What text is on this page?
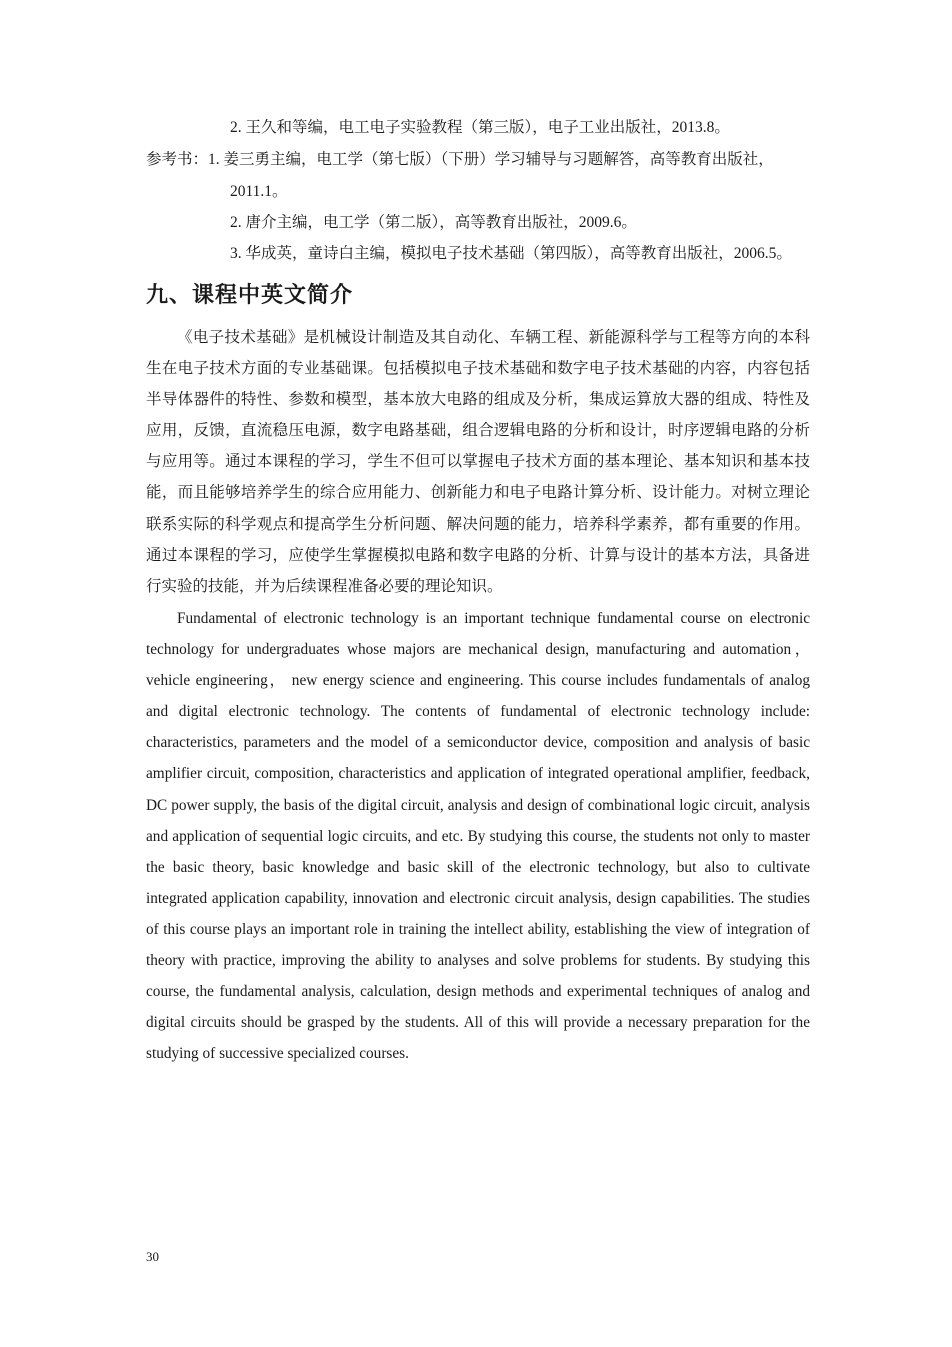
2. 王久和等编，电工电子实验教程（第三版），电子工业出版社，2013.8。
参考书：1. 姜三勇主编，电工学（第七版）（下册）学习辅导与习题解答，高等教育出版社，
2011.1。
2. 唐介主编，电工学（第二版），高等教育出版社，2009.6。
3. 华成英，童诗白主编，模拟电子技术基础（第四版），高等教育出版社，2006.5。
九、课程中英文简介

《电子技术基础》是机械设计制造及其自动化、车辆工程、新能源科学与工程等方向的本科生在电子技术方面的专业基础课。包括模拟电子技术基础和数字电子技术基础的内容，内容包括半导体器件的特性、参数和模型，基本放大电路的组成及分析，集成运算放大器的组成、特性及应用，反馈，直流稳压电源，数字电路基础，组合逻辑电路的分析和设计，时序逻辑电路的分析与应用等。通过本课程的学习，学生不但可以掌握电子技术方面的基本理论、基本知识和基本技能，而且能够培养学生的综合应用能力、创新能力和电子电路计算分析、设计能力。对树立理论联系实际的科学观点和提高学生分析问题、解决问题的能力，培养科学素养，都有重要的作用。通过本课程的学习，应使学生掌握模拟电路和数字电路的分析、计算与设计的基本方法，具备进行实验的技能，并为后续课程准备必要的理论知识。

Fundamental of electronic technology is an important technique fundamental course on electronic technology for undergraduates whose majors are mechanical design, manufacturing and automation， vehicle engineering， new energy science and engineering. This course includes fundamentals of analog and digital electronic technology. The contents of fundamental of electronic technology include: characteristics, parameters and the model of a semiconductor device, composition and analysis of basic amplifier circuit, composition, characteristics and application of integrated operational amplifier, feedback, DC power supply, the basis of the digital circuit, analysis and design of combinational logic circuit, analysis and application of sequential logic circuits, and etc. By studying this course, the students not only to master the basic theory, basic knowledge and basic skill of the electronic technology, but also to cultivate integrated application capability, innovation and electronic circuit analysis, design capabilities. The studies of this course plays an important role in training the intellect ability, establishing the view of integration of theory with practice, improving the ability to analyses and solve problems for students. By studying this course, the fundamental analysis, calculation, design methods and experimental techniques of analog and digital circuits should be grasped by the students. All of this will provide a necessary preparation for the studying of successive specialized courses.

30
